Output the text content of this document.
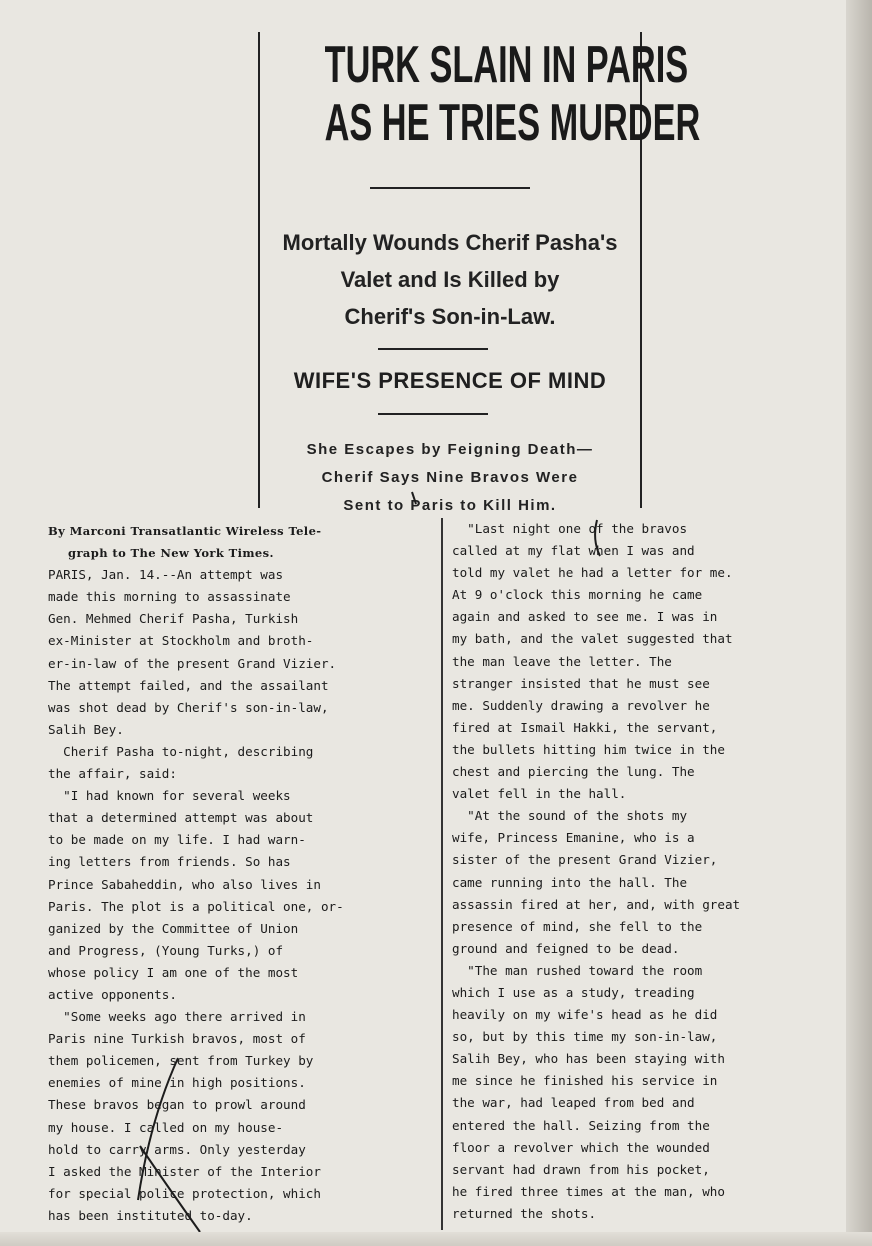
TURK SLAIN IN PARIS
AS HE TRIES MURDER
Mortally Wounds Cherif Pasha's
Valet and Is Killed by
Cherif's Son-in-Law.
WIFE'S PRESENCE OF MIND
She Escapes by Feigning Death—
Cherif Says Nine Bravos Were
Sent to Paris to Kill Him.

By Marconi Transatlantic Wireless Tele-

graph to The New York Times.

PARIS, Jan. 14.--An attempt was

made this morning to assassinate

Gen. Mehmed Cherif Pasha, Turkish

ex-Minister at Stockholm and broth-

er-in-law of the present Grand Vizier.

The attempt failed, and the assailant

was shot dead by Cherif's son-in-law,

Salih Bey.

Cherif Pasha to-night, describing

the affair, said:

"I had known for several weeks

that a determined attempt was about

to be made on my life. I had warn-

ing letters from friends. So has

Prince Sabaheddin, who also lives in

Paris. The plot is a political one, or-

ganized by the Committee of Union

and Progress, (Young Turks,) of

whose policy I am one of the most

active opponents.

"Some weeks ago there arrived in

Paris nine Turkish bravos, most of

them policemen, sent from Turkey by

enemies of mine in high positions.

These bravos began to prowl around

my house. I called on my house-

hold to carry arms. Only yesterday

I asked the Minister of the Interior

for special police protection, which

has been instituted to-day.

"Last night one of the bravos

called at my flat when I was and

told my valet he had a letter for me.

At 9 o'clock this morning he came

again and asked to see me. I was in

my bath, and the valet suggested that

the man leave the letter. The

stranger insisted that he must see

me. Suddenly drawing a revolver he

fired at Ismail Hakki, the servant,

the bullets hitting him twice in the

chest and piercing the lung. The

valet fell in the hall.

"At the sound of the shots my

wife, Princess Emanine, who is a

sister of the present Grand Vizier,

came running into the hall. The

assassin fired at her, and, with great

presence of mind, she fell to the

ground and feigned to be dead.

"The man rushed toward the room

which I use as a study, treading

heavily on my wife's head as he did

so, but by this time my son-in-law,

Salih Bey, who has been staying with

me since he finished his service in

the war, had leaped from bed and

entered the hall. Seizing from the

floor a revolver which the wounded

servant had drawn from his pocket,

he fired three times at the man, who

returned the shots.
